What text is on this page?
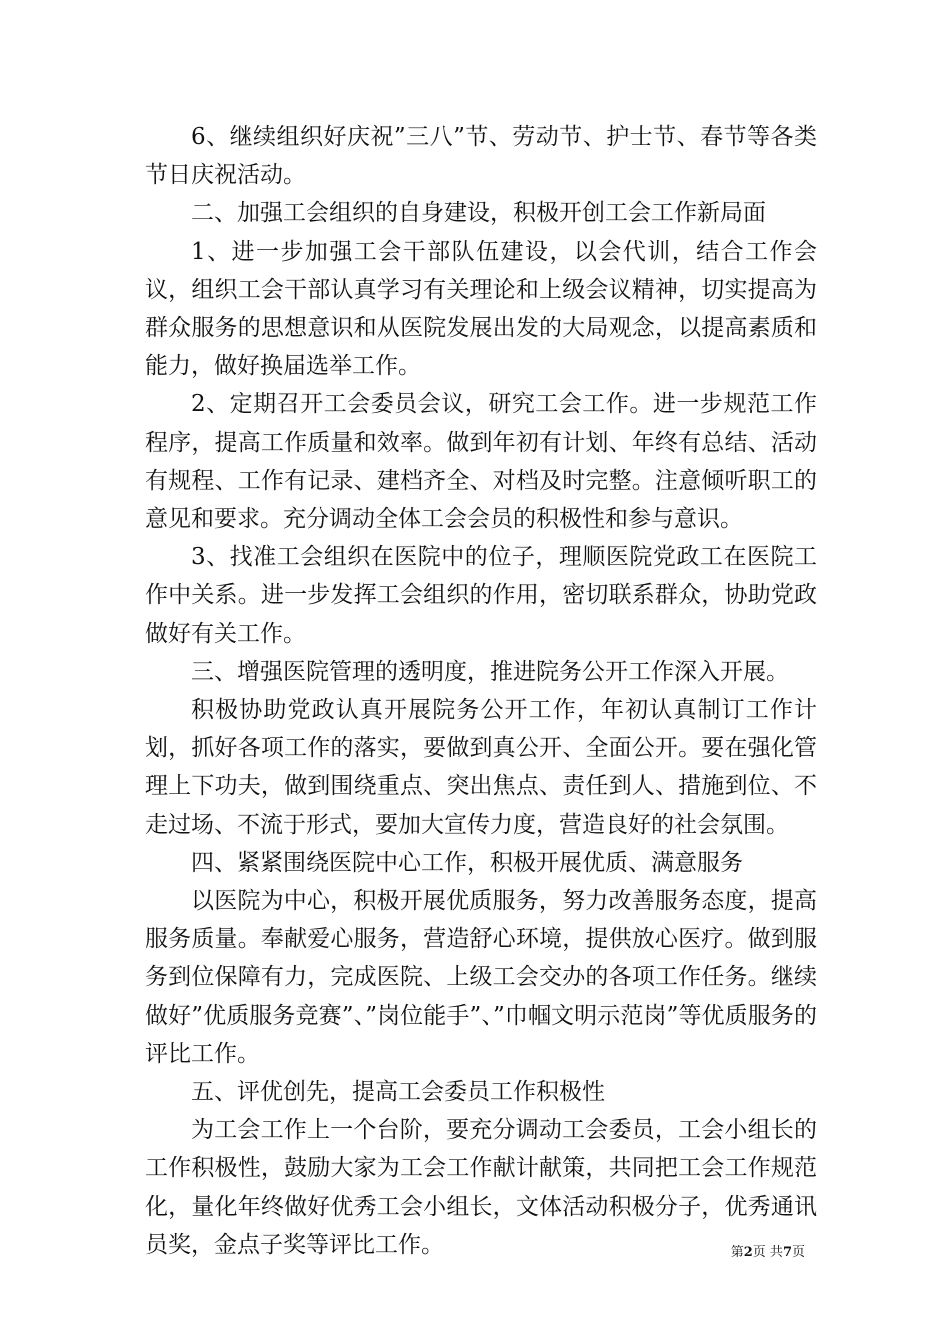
6、继续组织好庆祝”三八”节、劳动节、护士节、春节等各类节日庆祝活动。

二、加强工会组织的自身建设，积极开创工会工作新局面

1、进一步加强工会干部队伍建设，以会代训，结合工作会议，组织工会干部认真学习有关理论和上级会议精神，切实提高为群众服务的思想意识和从医院发展出发的大局观念，以提高素质和能力，做好换届选举工作。

2、定期召开工会委员会议，研究工会工作。进一步规范工作程序，提高工作质量和效率。做到年初有计划、年终有总结、活动有规程、工作有记录、建档齐全、对档及时完整。注意倾听职工的意见和要求。充分调动全体工会会员的积极性和参与意识。

3、找准工会组织在医院中的位子，理顺医院党政工在医院工作中关系。进一步发挥工会组织的作用，密切联系群众，协助党政做好有关工作。

三、增强医院管理的透明度，推进院务公开工作深入开展。

积极协助党政认真开展院务公开工作，年初认真制订工作计划，抓好各项工作的落实，要做到真公开、全面公开。要在强化管理上下功夫，做到围绕重点、突出焦点、责任到人、措施到位、不走过场、不流于形式，要加大宣传力度，营造良好的社会氛围。

四、紧紧围绕医院中心工作，积极开展优质、满意服务

以医院为中心，积极开展优质服务，努力改善服务态度，提高服务质量。奉献爱心服务，营造舒心环境，提供放心医疗。做到服务到位保障有力，完成医院、上级工会交办的各项工作任务。继续做好”优质服务竞赛”、”岗位能手”、”巾帼文明示范岗”等优质服务的评比工作。

五、评优创先，提高工会委员工作积极性

为工会工作上一个台阶，要充分调动工会委员，工会小组长的工作积极性，鼓励大家为工会工作献计献策，共同把工会工作规范化，量化年终做好优秀工会小组长，文体活动积极分子，优秀通讯员奖，金点子奖等评比工作。	第2页 共7页
